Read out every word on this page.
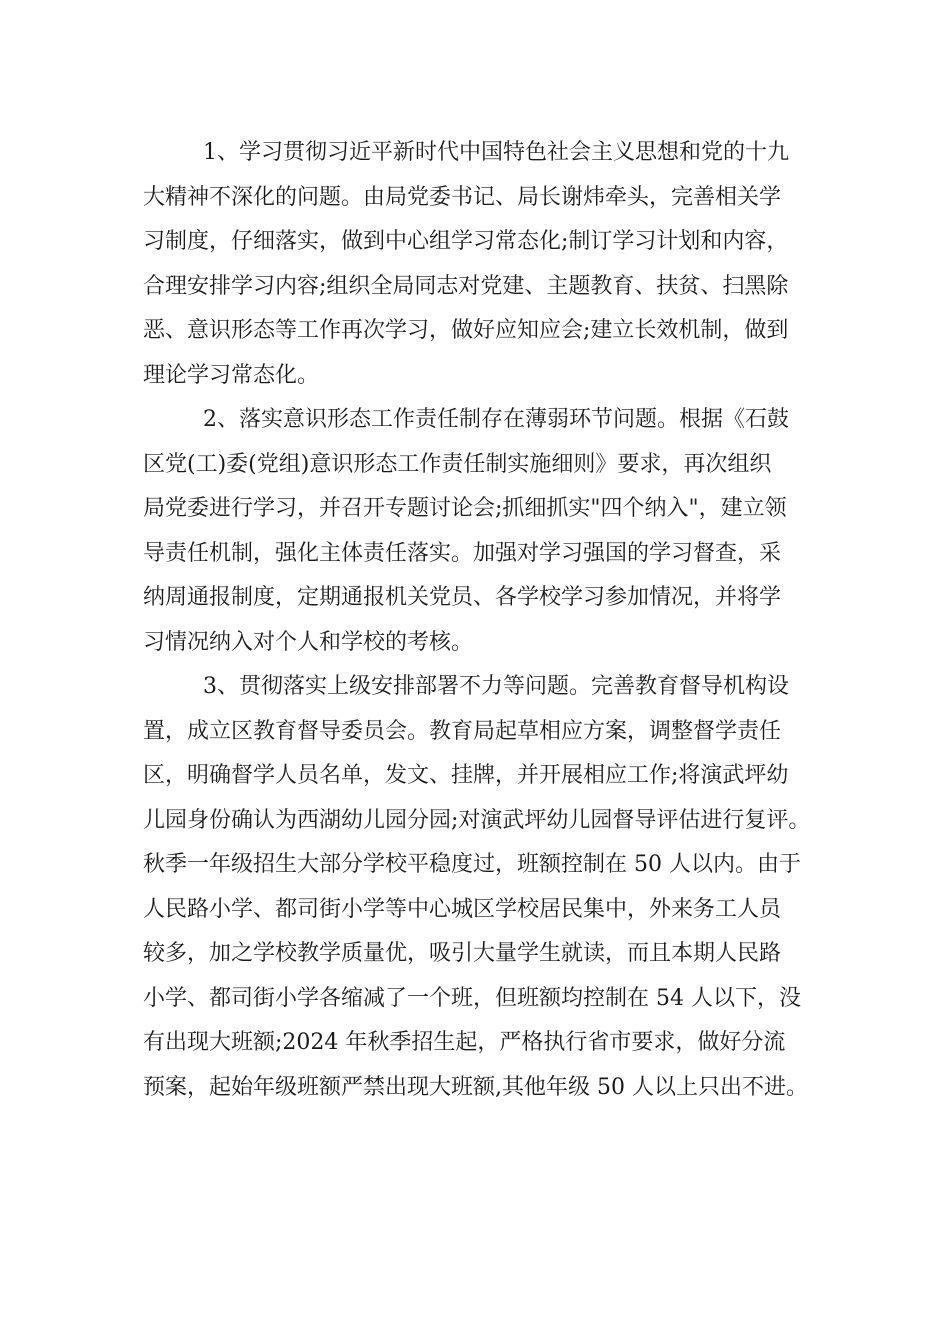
1、学习贯彻习近平新时代中国特色社会主义思想和党的十九
大精神不深化的问题。由局党委书记、局长谢炜牵头，完善相关学
习制度，仔细落实，做到中心组学习常态化;制订学习计划和内容，
合理安排学习内容;组织全局同志对党建、主题教育、扶贫、扫黑除
恶、意识形态等工作再次学习，做好应知应会;建立长效机制，做到
理论学习常态化。
2、落实意识形态工作责任制存在薄弱环节问题。根据《石鼓
区党(工)委(党组)意识形态工作责任制实施细则》要求，再次组织
局党委进行学习，并召开专题讨论会;抓细抓实"四个纳入"，建立领
导责任机制，强化主体责任落实。加强对学习强国的学习督查，采
纳周通报制度，定期通报机关党员、各学校学习参加情况，并将学
习情况纳入对个人和学校的考核。
3、贯彻落实上级安排部署不力等问题。完善教育督导机构设
置，成立区教育督导委员会。教育局起草相应方案，调整督学责任
区，明确督学人员名单，发文、挂牌，并开展相应工作;将演武坪幼
儿园身份确认为西湖幼儿园分园;对演武坪幼儿园督导评估进行复评。
秋季一年级招生大部分学校平稳度过，班额控制在 50 人以内。由于
人民路小学、都司街小学等中心城区学校居民集中，外来务工人员
较多，加之学校教学质量优，吸引大量学生就读，而且本期人民路
小学、都司街小学各缩减了一个班，但班额均控制在 54 人以下，没
有出现大班额;2024 年秋季招生起，严格执行省市要求，做好分流
预案，起始年级班额严禁出现大班额,其他年级 50 人以上只出不进。
